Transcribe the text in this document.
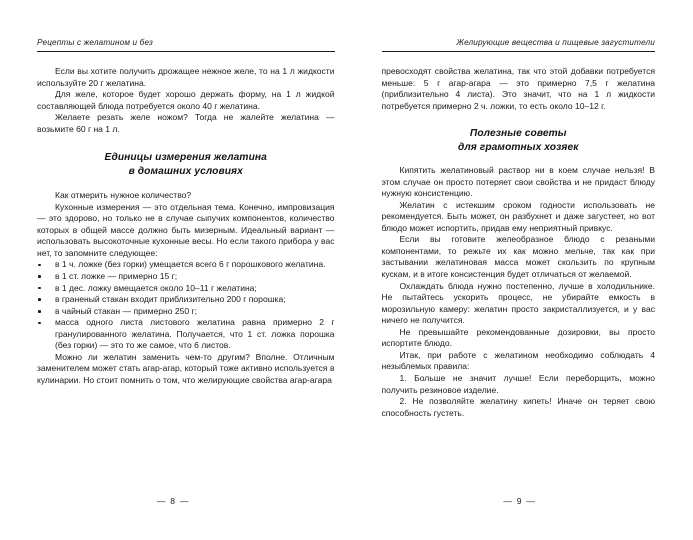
Рецепты с желатином и без

Если вы хотите получить дрожащее нежное желе, то на 1 л жидкости используйте 20 г желатина.

Для желе, которое будет хорошо держать форму, на 1 л жидкой составляющей блюда потребуется около 40 г желатина.

Желаете резать желе ножом? Тогда не жалейте желатина — возьмите 60 г на 1 л.

Единицы измерения желатина
в домашних условиях

Как отмерить нужное количество?

Кухонные измерения — это отдельная тема. Конечно, импровизация — это здорово, но только не в случае сыпучих компонентов, количество которых в общей массе должно быть мизерным. Идеальный вариант — использовать высокоточные кухонные весы. Но если такого прибора у вас нет, то запомните следующее:

в 1 ч. ложке (без горки) умещается всего 6 г порошкового желатина.
в 1 ст. ложке — примерно 15 г;
в 1 дес. ложку вмещается около 10–11 г желатина;
в граненый стакан входит приблизительно 200 г порошка;
в чайный стакан — примерно 250 г;
масса одного листа листового желатина равна примерно 2 г гранулированного желатина. Получается, что 1 ст. ложка порошка (без горки) — это то же самое, что 6 листов.

Можно ли желатин заменить чем-то другим? Вполне. Отличным заменителем может стать агар-агар, который тоже активно используется в кулинарии. Но стоит помнить о том, что желирующие свойства агар-агара

— 8 —
Желирующие вещества и пищевые загустители

превосходят свойства желатина, так что этой добавки потребуется меньше: 5 г агар-агара — это примерно 7,5 г желатина (приблизительно 4 листа). Это значит, что на 1 л жидкости потребуется примерно 2 ч. ложки, то есть около 10–12 г.

Полезные советы
для грамотных хозяек

Кипятить желатиновый раствор ни в коем случае нельзя! В этом случае он просто потеряет свои свойства и не придаст блюду нужную консистенцию.

Желатин с истекшим сроком годности использовать не рекомендуется. Быть может, он разбухнет и даже загустеет, но вот блюдо может испортить, придав ему неприятный привкус.

Если вы готовите желеобразное блюдо с резаными компонентами, то режьте их как можно мельче, так как при застывании желатиновая масса может скользить по крупным кускам, и в итоге консистенция будет отличаться от желаемой.

Охлаждать блюда нужно постепенно, лучше в холодильнике. Не пытайтесь ускорить процесс, не убирайте емкость в морозильную камеру: желатин просто закристаллизуется, и у вас ничего не получится.

Не превышайте рекомендованные дозировки, вы просто испортите блюдо.

Итак, при работе с желатином необходимо соблюдать 4 незыблемых правила:

1. Больше не значит лучше! Если переборщить, можно получить резиновое изделие.
2. Не позволяйте желатину кипеть! Иначе он теряет свою способность густеть.
— 9 —
